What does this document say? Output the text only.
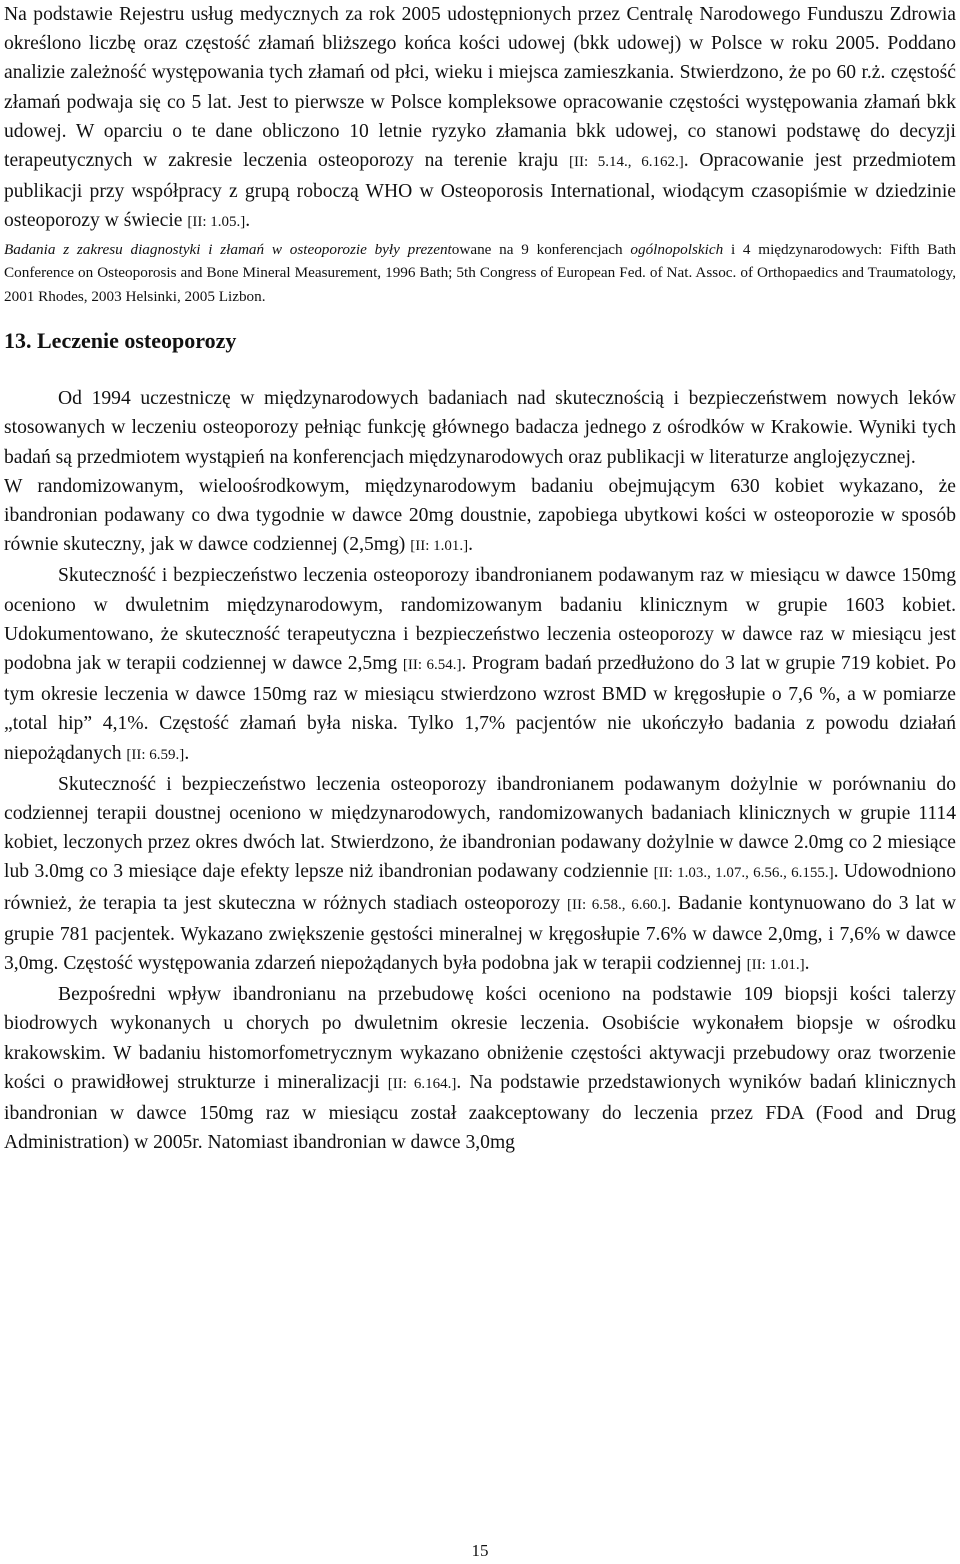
Na podstawie Rejestru usług medycznych za rok 2005 udostępnionych przez Centralę Narodowego Funduszu Zdrowia określono liczbę oraz częstość złamań bliższego końca kości udowej (bkk udowej) w Polsce w roku 2005. Poddano analizie zależność występowania tych złamań od płci, wieku i miejsca zamieszkania. Stwierdzono, że po 60 r.ż. częstość złamań podwaja się co 5 lat. Jest to pierwsze w Polsce kompleksowe opracowanie częstości występowania złamań bkk udowej. W oparciu o te dane obliczono 10 letnie ryzyko złamania bkk udowej, co stanowi podstawę do decyzji terapeutycznych w zakresie leczenia osteoporozy na terenie kraju [II: 5.14., 6.162.]. Opracowanie jest przedmiotem publikacji przy współpracy z grupą roboczą WHO w Osteoporosis International, wiodącym czasopiśmie w dziedzinie osteoporozy w świecie [II: 1.05.].

Badania z zakresu diagnostyki i złamań w osteoporozie były prezentowane na 9 konferencjach ogólnopolskich i 4 międzynarodowych: Fifth Bath Conference on Osteoporosis and Bone Mineral Measurement, 1996 Bath; 5th Congress of European Fed. of Nat. Assoc. of Orthopaedics and Traumatology, 2001 Rhodes, 2003 Helsinki, 2005 Lizbon.

13. Leczenie osteoporozy

Od 1994 uczestniczę w międzynarodowych badaniach nad skutecznością i bezpieczeństwem nowych leków stosowanych w leczeniu osteoporozy pełniąc funkcję głównego badacza jednego z ośrodków w Krakowie. Wyniki tych badań są przedmiotem wystąpień na konferencjach międzynarodowych oraz publikacji w literaturze anglojęzycznej.

W randomizowanym, wieloośrodkowym, międzynarodowym badaniu obejmującym 630 kobiet wykazano, że ibandronian podawany co dwa tygodnie w dawce 20mg doustnie, zapobiega ubytkowi kości w osteoporozie w sposób równie skuteczny, jak w dawce codziennej (2,5mg) [II: 1.01.].

Skuteczność i bezpieczeństwo leczenia osteoporozy ibandronianem podawanym raz w miesiącu w dawce 150mg oceniono w dwuletnim międzynarodowym, randomizowanym badaniu klinicznym w grupie 1603 kobiet. Udokumentowano, że skuteczność terapeutyczna i bezpieczeństwo leczenia osteoporozy w dawce raz w miesiącu jest podobna jak w terapii codziennej w dawce 2,5mg [II: 6.54.]. Program badań przedłużono do 3 lat w grupie 719 kobiet. Po tym okresie leczenia w dawce 150mg raz w miesiącu stwierdzono wzrost BMD w kręgosłupie o 7,6 %, a w pomiarze „total hip” 4,1%. Częstość złamań była niska. Tylko 1,7% pacjentów nie ukończyło badania z powodu działań niepożądanych [II: 6.59.].

Skuteczność i bezpieczeństwo leczenia osteoporozy ibandronianem podawanym dożylnie w porównaniu do codziennej terapii doustnej oceniono w międzynarodowych, randomizowanych badaniach klinicznych w grupie 1114 kobiet, leczonych przez okres dwóch lat. Stwierdzono, że ibandronian podawany dożylnie w dawce 2.0mg co 2 miesiące lub 3.0mg co 3 miesiące daje efekty lepsze niż ibandronian podawany codziennie [II: 1.03., 1.07., 6.56., 6.155.]. Udowodniono również, że terapia ta jest skuteczna w różnych stadiach osteoporozy [II: 6.58., 6.60.]. Badanie kontynuowano do 3 lat w grupie 781 pacjentek. Wykazano zwiększenie gęstości mineralnej w kręgosłupie 7.6% w dawce 2,0mg, i 7,6% w dawce 3,0mg. Częstość występowania zdarzeń niepożądanych była podobna jak w terapii codziennej [II: 1.01.].

Bezpośredni wpływ ibandronianu na przebudowę kości oceniono na podstawie 109 biopsji kości talerzy biodrowych wykonanych u chorych po dwuletnim okresie leczenia. Osobiście wykonałem biopsje w ośrodku krakowskim. W badaniu histomorfometrycznym wykazano obniżenie częstości aktywacji przebudowy oraz tworzenie kości o prawidłowej strukturze i mineralizacji [II: 6.164.]. Na podstawie przedstawionych wyników badań klinicznych ibandronian w dawce 150mg raz w miesiącu został zaakceptowany do leczenia przez FDA (Food and Drug Administration) w 2005r. Natomiast ibandronian w dawce 3,0mg

15
